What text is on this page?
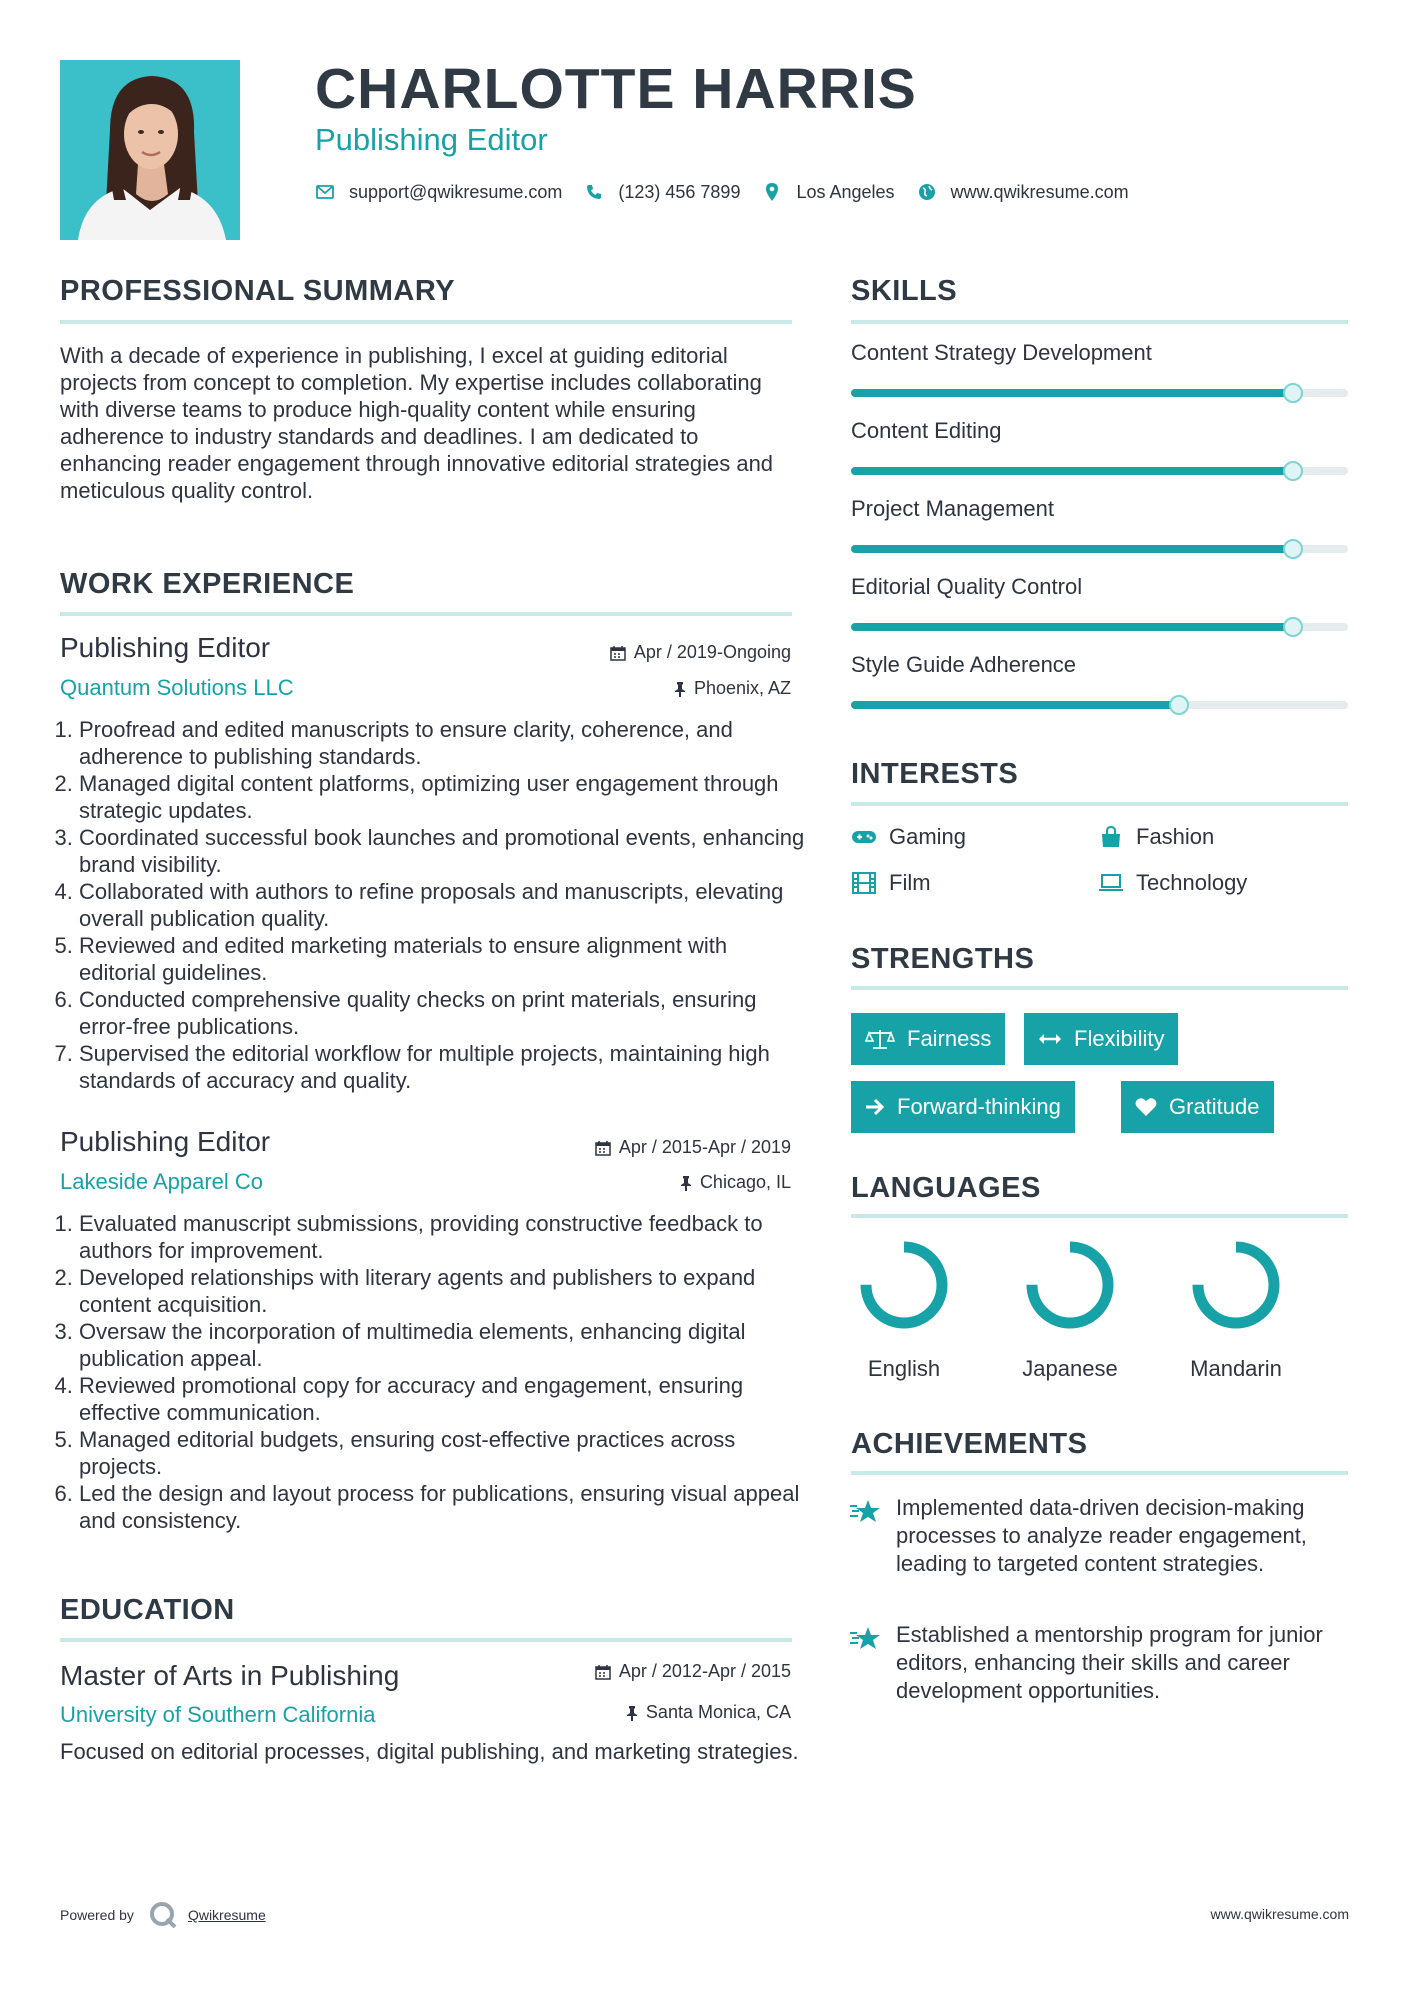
CHARLOTTE HARRIS
Publishing Editor
support@qwikresume.com	(123) 456 7899	Los Angeles	www.qwikresume.com
PROFESSIONAL SUMMARY
With a decade of experience in publishing, I excel at guiding editorial projects from concept to completion. My expertise includes collaborating with diverse teams to produce high-quality content while ensuring adherence to industry standards and deadlines. I am dedicated to enhancing reader engagement through innovative editorial strategies and meticulous quality control.
WORK EXPERIENCE
Publishing Editor	Apr / 2019-Ongoing
Quantum Solutions LLC	Phoenix, AZ
1. Proofread and edited manuscripts to ensure clarity, coherence, and adherence to publishing standards.
2. Managed digital content platforms, optimizing user engagement through strategic updates.
3. Coordinated successful book launches and promotional events, enhancing brand visibility.
4. Collaborated with authors to refine proposals and manuscripts, elevating overall publication quality.
5. Reviewed and edited marketing materials to ensure alignment with editorial guidelines.
6. Conducted comprehensive quality checks on print materials, ensuring error-free publications.
7. Supervised the editorial workflow for multiple projects, maintaining high standards of accuracy and quality.
Publishing Editor	Apr / 2015-Apr / 2019
Lakeside Apparel Co	Chicago, IL
1. Evaluated manuscript submissions, providing constructive feedback to authors for improvement.
2. Developed relationships with literary agents and publishers to expand content acquisition.
3. Oversaw the incorporation of multimedia elements, enhancing digital publication appeal.
4. Reviewed promotional copy for accuracy and engagement, ensuring effective communication.
5. Managed editorial budgets, ensuring cost-effective practices across projects.
6. Led the design and layout process for publications, ensuring visual appeal and consistency.
EDUCATION
Master of Arts in Publishing	Apr / 2012-Apr / 2015
University of Southern California	Santa Monica, CA
Focused on editorial processes, digital publishing, and marketing strategies.
SKILLS
Content Strategy Development
Content Editing
Project Management
Editorial Quality Control
Style Guide Adherence
INTERESTS
Gaming	Fashion
Film	Technology
STRENGTHS
Fairness	Flexibility
Forward-thinking	Gratitude
LANGUAGES
English	Japanese	Mandarin
ACHIEVEMENTS
Implemented data-driven decision-making processes to analyze reader engagement, leading to targeted content strategies.
Established a mentorship program for junior editors, enhancing their skills and career development opportunities.
Powered by	Qwikresume	www.qwikresume.com
